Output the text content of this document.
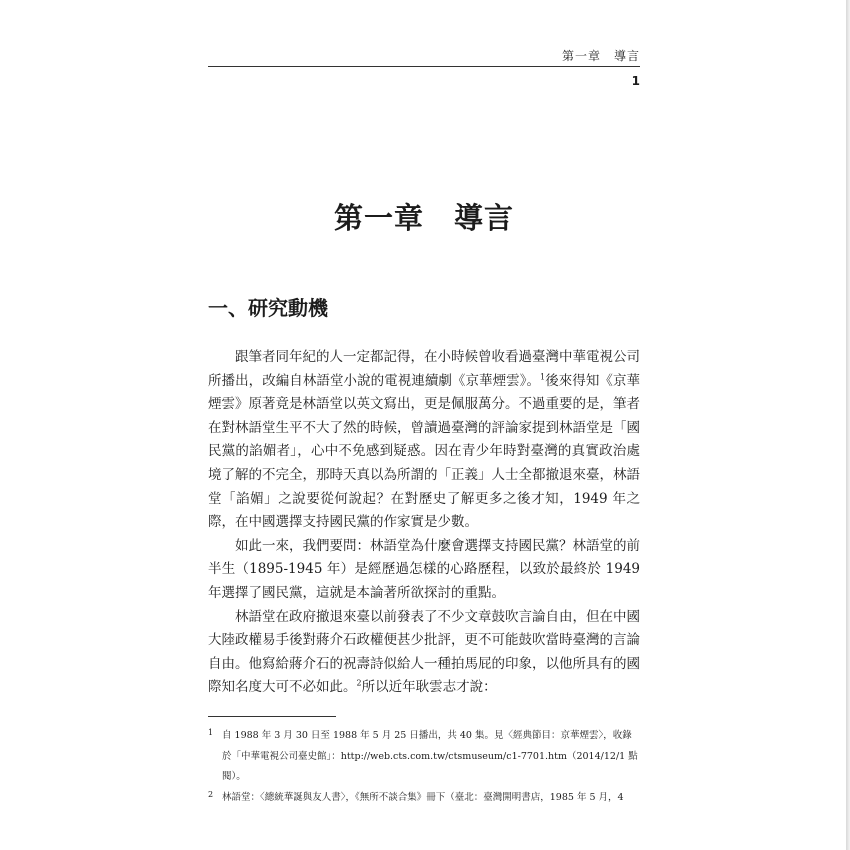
第一章　導言
1
第一章　導言
一、研究動機

跟筆者同年紀的人一定都記得，在小時候曾收看過臺灣中華電視公司所播出，改編自林語堂小說的電視連續劇《京華煙雲》。$^1$後來得知《京華煙雲》原著竟是林語堂以英文寫出，更是佩服萬分。不過重要的是，筆者在對林語堂生平不大了然的時候，曾讀過臺灣的評論家提到林語堂是「國民黨的諂媚者」，心中不免感到疑惑。因在青少年時對臺灣的真實政治處境了解的不完全，那時天真以為所謂的「正義」人士全都撤退來臺，林語堂「諂媚」之說要從何說起？在對歷史了解更多之後才知，1949 年之際，在中國選擇支持國民黨的作家實是少數。

如此一來，我們要問：林語堂為什麼會選擇支持國民黨？林語堂的前半生（1895-1945 年）是經歷過怎樣的心路歷程，以致於最終於 1949 年選擇了國民黨，這就是本論著所欲探討的重點。

林語堂在政府撤退來臺以前發表了不少文章鼓吹言論自由，但在中國大陸政權易手後對蔣介石政權便甚少批評，更不可能鼓吹當時臺灣的言論自由。他寫給蔣介石的祝壽詩似給人一種拍馬屁的印象，以他所具有的國際知名度大可不必如此。$^2$所以近年耿雲志才說：

1 自 1988 年 3 月 30 日至 1988 年 5 月 25 日播出，共 40 集。見〈經典節目：京華煙雲〉，收錄於「中華電視公司臺史館」：http://web.cts.com.tw/ctsmuseum/c1-7701.htm（2014/12/1 點閱）。
2 林語堂：〈總統華誕與友人書〉，《無所不談合集》冊下（臺北：臺灣開明書店，1985 年 5 月，4
